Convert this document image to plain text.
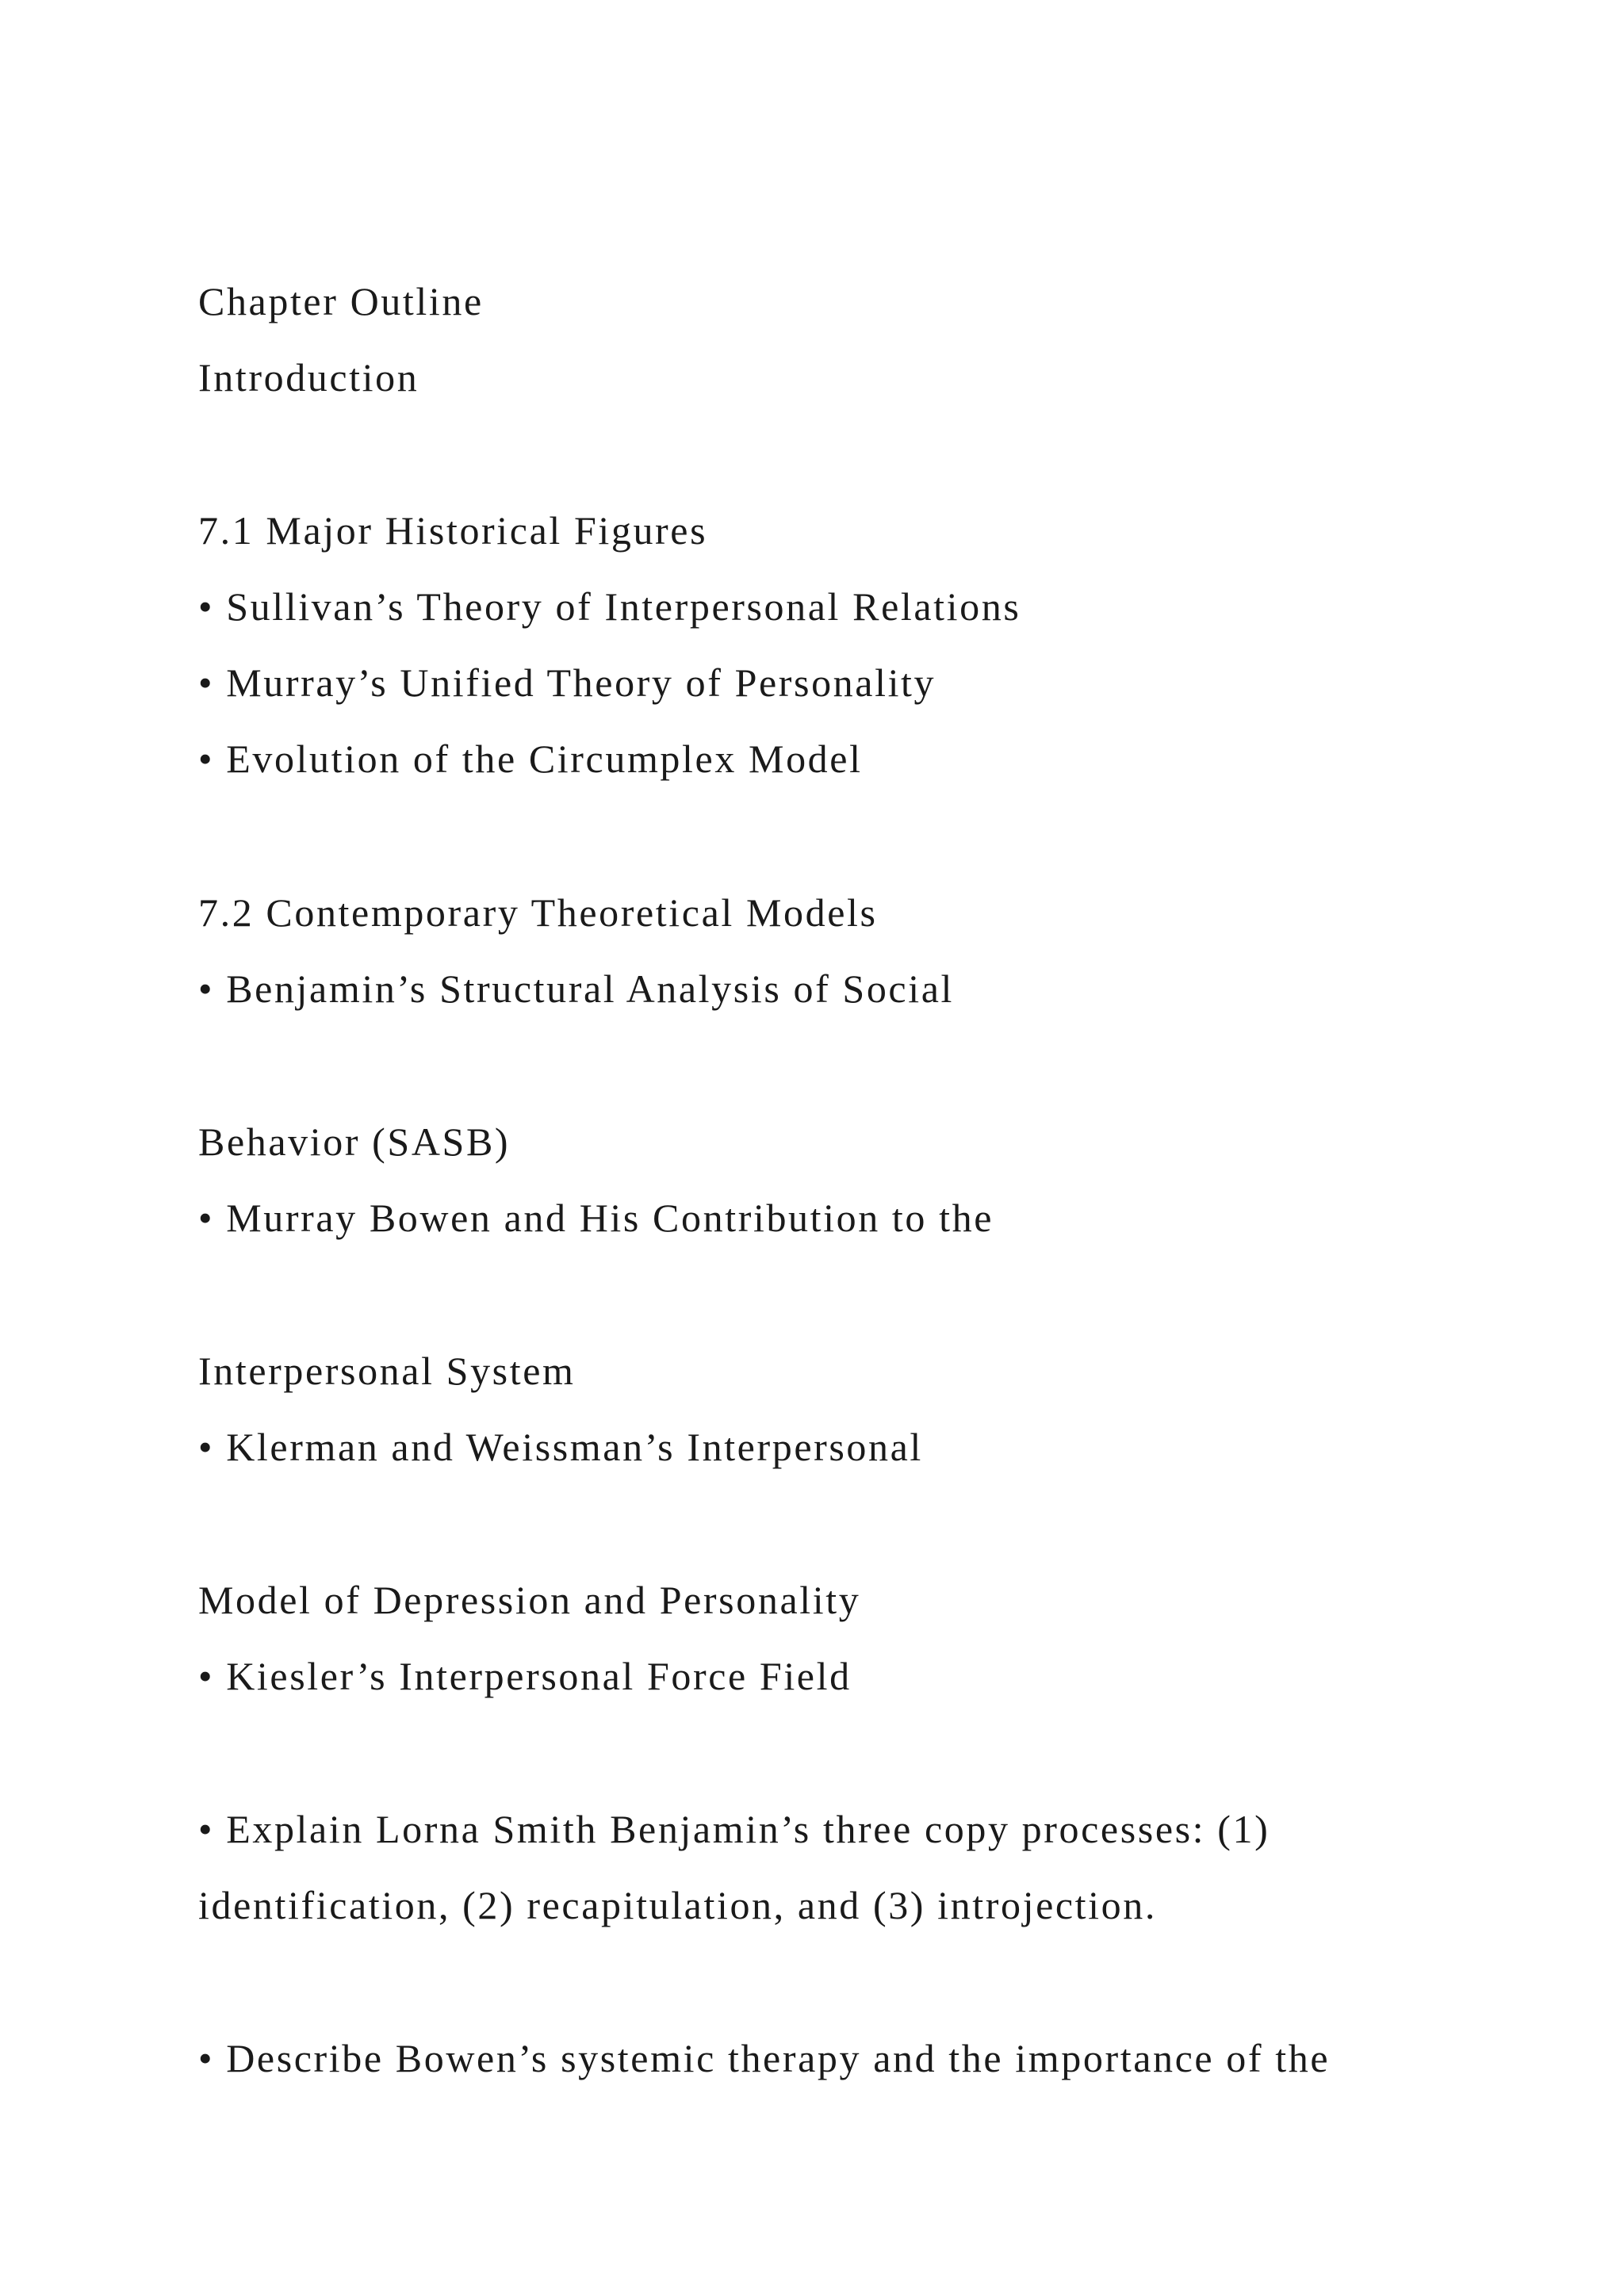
Chapter Outline

Introduction

7.1 Major Historical Figures

• Sullivan’s Theory of Interpersonal Relations

• Murray’s Unified Theory of Personality

• Evolution of the Circumplex Model

7.2 Contemporary Theoretical Models

• Benjamin’s Structural Analysis of Social

Behavior (SASB)

• Murray Bowen and His Contribution to the

Interpersonal System

• Klerman and Weissman’s Interpersonal

Model of Depression and Personality

• Kiesler’s Interpersonal Force Field

• Explain Lorna Smith Benjamin’s three copy processes: (1)

identification, (2) recapitulation, and (3) introjection.

• Describe Bowen’s systemic therapy and the importance of the
